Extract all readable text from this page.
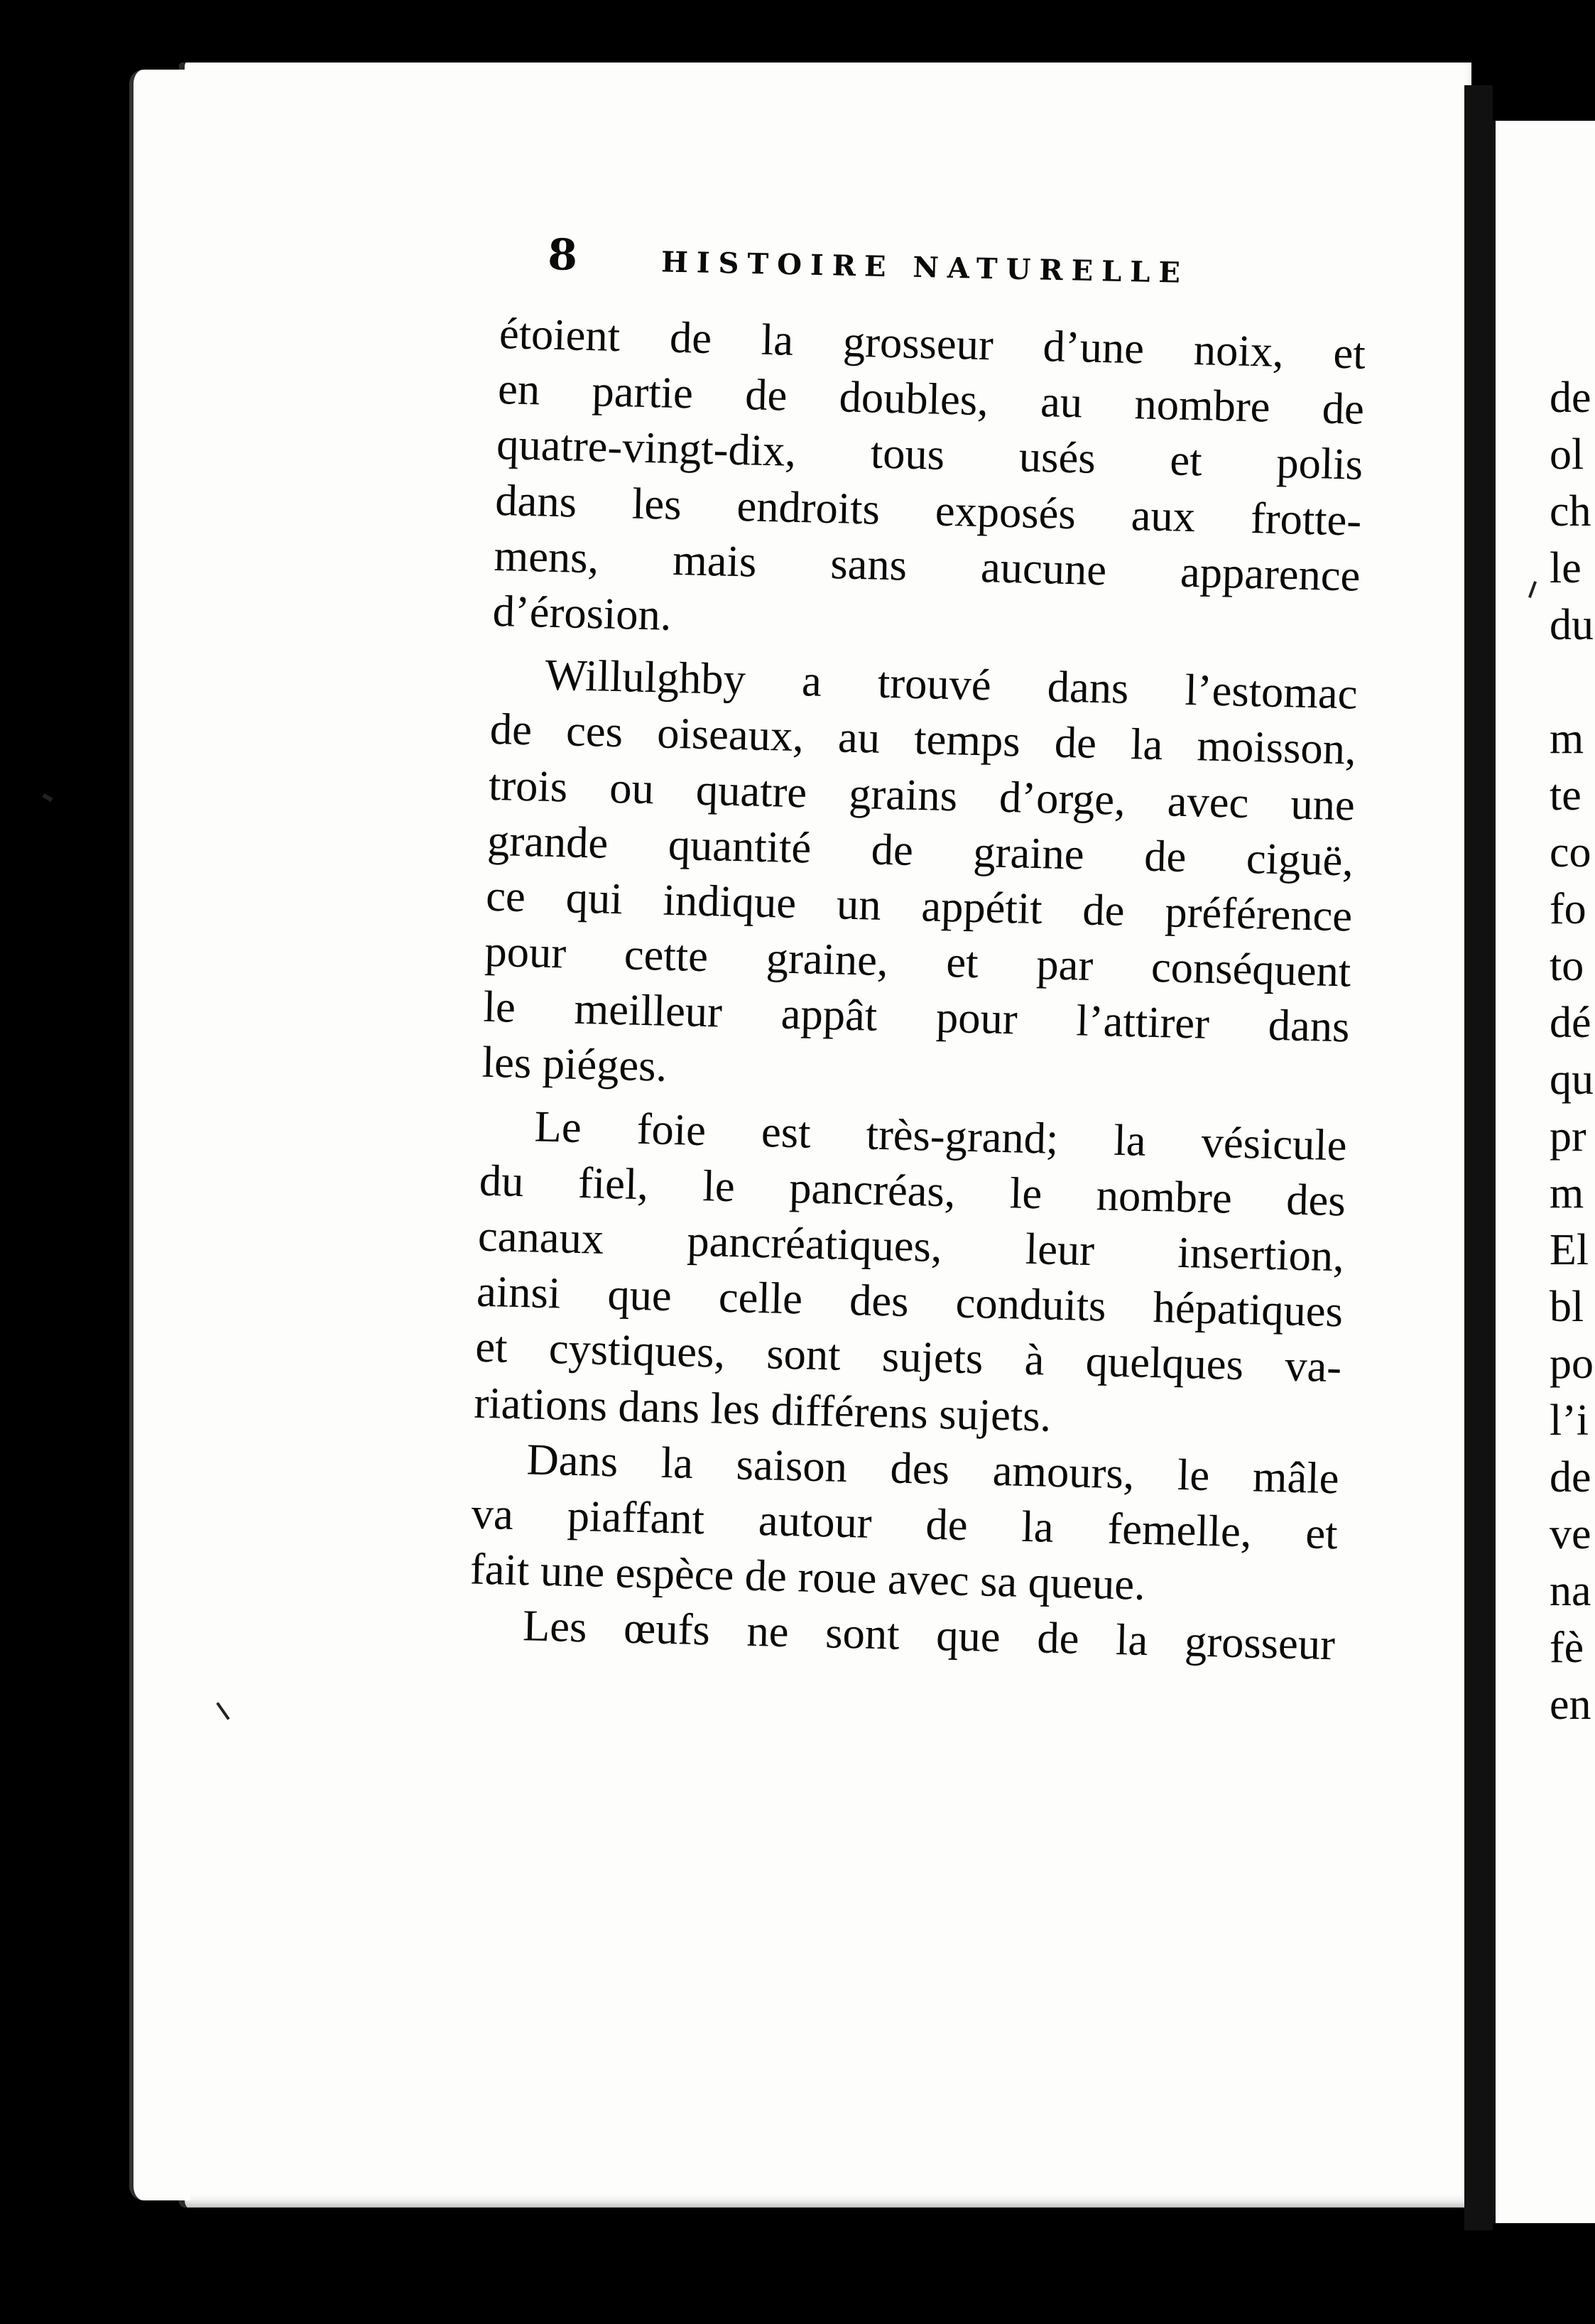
8	HISTOIRE NATURELLE
étoient de la grosseur d’une noix, et
en partie de doubles, au nombre de
quatre-vingt-dix, tous usés et polis
dans les endroits exposés aux frotte-
mens, mais sans aucune apparence
d’érosion.
Willulghby a trouvé dans l’estomac
de ces oiseaux, au temps de la moisson,
trois ou quatre grains d’orge, avec une
grande quantité de graine de ciguë,
ce qui indique un appétit de préférence
pour cette graine, et par conséquent
le meilleur appât pour l’attirer dans
les piéges.
Le foie est très-grand; la vésicule
du fiel, le pancréas, le nombre des
canaux pancréatiques, leur insertion,
ainsi que celle des conduits hépatiques
et cystiques, sont sujets à quelques va-
riations dans les différens sujets.
Dans la saison des amours, le mâle
va piaffant autour de la femelle, et
fait une espèce de roue avec sa queue.
Les œufs ne sont que de la grosseur
de
ol
ch
le
du
m
te
co
fo
to
dé
qu
pr
m
El
bl
po
l’i
de
ve
na
fè
en
